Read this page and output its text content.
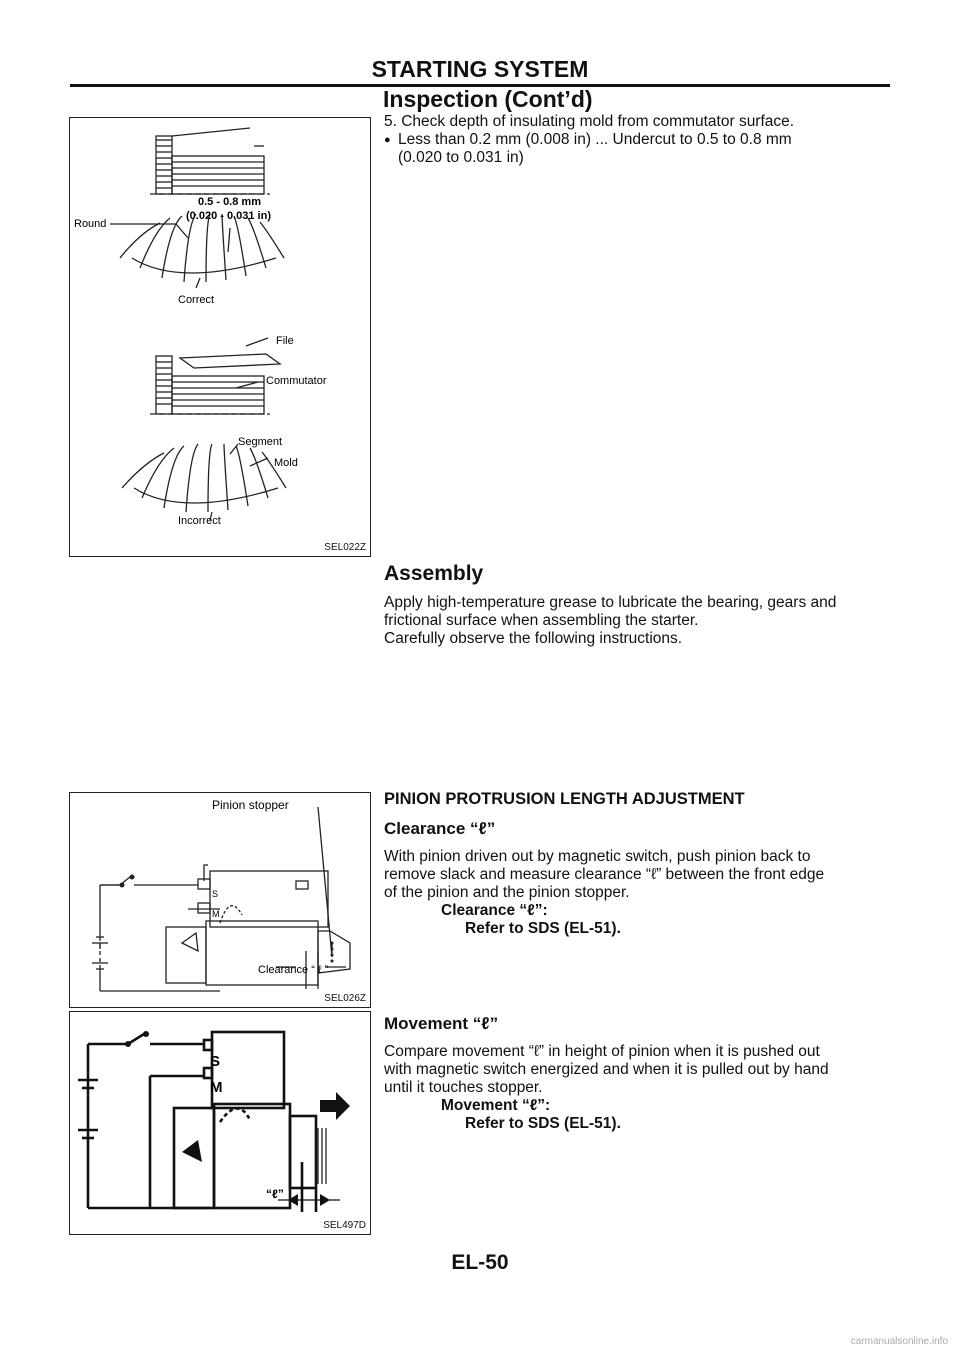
STARTING SYSTEM
Inspection (Cont’d)
0.5 - 0.8 mm
(0.020 - 0.031 in)
Round
Correct
File
Commutator
Segment
Mold
Incorrect
SEL022Z
5. Check depth of insulating mold from commutator surface.
● Less than 0.2 mm (0.008 in) ... Undercut to 0.5 to 0.8 mm
(0.020 to 0.031 in)
Assembly
Apply high-temperature grease to lubricate the bearing, gears and
frictional surface when assembling the starter.
Carefully observe the following instructions.
Pinion stopper
S
M
Clearance “ ℓ ”
SEL026Z
PINION PROTRUSION LENGTH ADJUSTMENT
Clearance “ℓ”
With pinion driven out by magnetic switch, push pinion back to
remove slack and measure clearance “ℓ” between the front edge
of the pinion and the pinion stopper.
Clearance “ℓ”:
Refer to SDS (EL-51).
S
M
“ℓ”
SEL497D
Movement “ℓ”
Compare movement “ℓ” in height of pinion when it is pushed out
with magnetic switch energized and when it is pulled out by hand
until it touches stopper.
Movement “ℓ”:
Refer to SDS (EL-51).
EL-50
carmanualsonline.info
